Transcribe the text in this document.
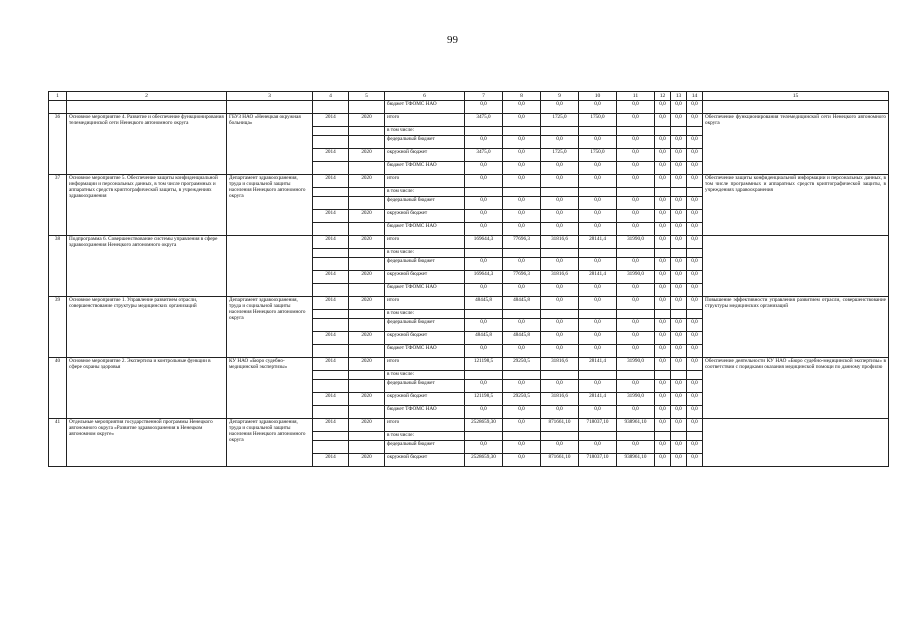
99
1	2	3	4	5	6	7	8	9	10	11	12	13	14	15
					бюджет ТФОМС НАО	0,0	0,0	0,0	0,0	0,0	0,0	0,0	0,0	
36	Основное мероприятие 4. Развитие и обеспечение функционирования телемедицинской сети Ненецкого автономного округа	ГБУЗ НАО «Ненецкая окружная больница»	2014	2020	итого	3475,0	0,0	1725,0	1750,0	0,0	0,0	0,0	0,0	Обеспечение функционирования телемедицинской сети Ненецкого автономного округа
					в том числе:									
					федеральный бюджет	0,0	0,0	0,0	0,0	0,0	0,0	0,0	0,0	
			2014	2020	окружной бюджет	3475,0	0,0	1725,0	1750,0	0,0	0,0	0,0	0,0	
					бюджет ТФОМС НАО	0,0	0,0	0,0	0,0	0,0	0,0	0,0	0,0	
37	Основное мероприятие 5. Обеспечение защиты конфиденциальной информации и персональных данных, в том числе программных и аппаратных средств криптографической защиты, в учреждениях здравоохранения	Департамент здравоохранения, труда и социальной защиты населения Ненецкого автономного округа	2014	2020	итого	0,0	0,0	0,0	0,0	0,0	0,0	0,0	0,0	Обеспечение защиты конфиденциальной информации и персональных данных, в том числе программных и аппаратных средств криптографической защиты, в учреждениях здравоохранения
					в том числе:									
					федеральный бюджет	0,0	0,0	0,0	0,0	0,0	0,0	0,0	0,0	
			2014	2020	окружной бюджет	0,0	0,0	0,0	0,0	0,0	0,0	0,0	0,0	
					бюджет ТФОМС НАО	0,0	0,0	0,0	0,0	0,0	0,0	0,0	0,0	
38	Подпрограмма 6. Совершенствование системы управления в сфере здравоохранения Ненецкого автономного округа		2014	2020	итого	169644,3	77696,3	31816,6	28141,4	31990,0	0,0	0,0	0,0	
					в том числе:									
					федеральный бюджет	0,0	0,0	0,0	0,0	0,0	0,0	0,0	0,0	
			2014	2020	окружной бюджет	169644,3	77696,3	31816,6	28141,4	31990,0	0,0	0,0	0,0	
					бюджет ТФОМС НАО	0,0	0,0	0,0	0,0	0,0	0,0	0,0	0,0	
39	Основное мероприятие 1. Управление развитием отрасли, совершенствование структуры медицинских организаций	Департамент здравоохранения, труда и социальной защиты населения Ненецкого автономного округа	2014	2020	итого	48445,8	48445,8	0,0	0,0	0,0	0,0	0,0	0,0	Повышение эффективности управления развитием отрасли, совершенствование структуры медицинских организаций
					в том числе:									
					федеральный бюджет	0,0	0,0	0,0	0,0	0,0	0,0	0,0	0,0	
			2014	2020	окружной бюджет	48445,8	48445,8	0,0	0,0	0,0	0,0	0,0	0,0	
					бюджет ТФОМС НАО	0,0	0,0	0,0	0,0	0,0	0,0	0,0	0,0	
40	Основное мероприятие 2. Экспертиза и контрольные функции в сфере охраны здоровья	КУ НАО «Бюро судебно-медицинской экспертизы»	2014	2020	итого	121198,5	29250,5	31816,6	28141,4	31990,0	0,0	0,0	0,0	Обеспечение деятельности КУ НАО «Бюро судебно-медицинской экспертизы» в соответствии с порядками оказания медицинской помощи по данному профилю
					в том числе:									
					федеральный бюджет	0,0	0,0	0,0	0,0	0,0	0,0	0,0	0,0	
			2014	2020	окружной бюджет	121198,5	29250,5	31816,6	28141,4	31990,0	0,0	0,0	0,0	
					бюджет ТФОМС НАО	0,0	0,0	0,0	0,0	0,0	0,0	0,0	0,0	
41	Отдельные мероприятия государственной программы Ненецкого автономного округа «Развитие здравоохранения в Ненецком автономном округе»	Департамент здравоохранения, труда и социальной защиты населения Ненецкого автономного округа	2014	2020	итого	2528659,30	0,0	871661,10	718037,10	938961,10	0,0	0,0	0,0	
					в том числе:									
					федеральный бюджет	0,0	0,0	0,0	0,0	0,0	0,0	0,0	0,0	
			2014	2020	окружной бюджет	2528659,30	0,0	871661,10	718037,10	938961,10	0,0	0,0	0,0	
